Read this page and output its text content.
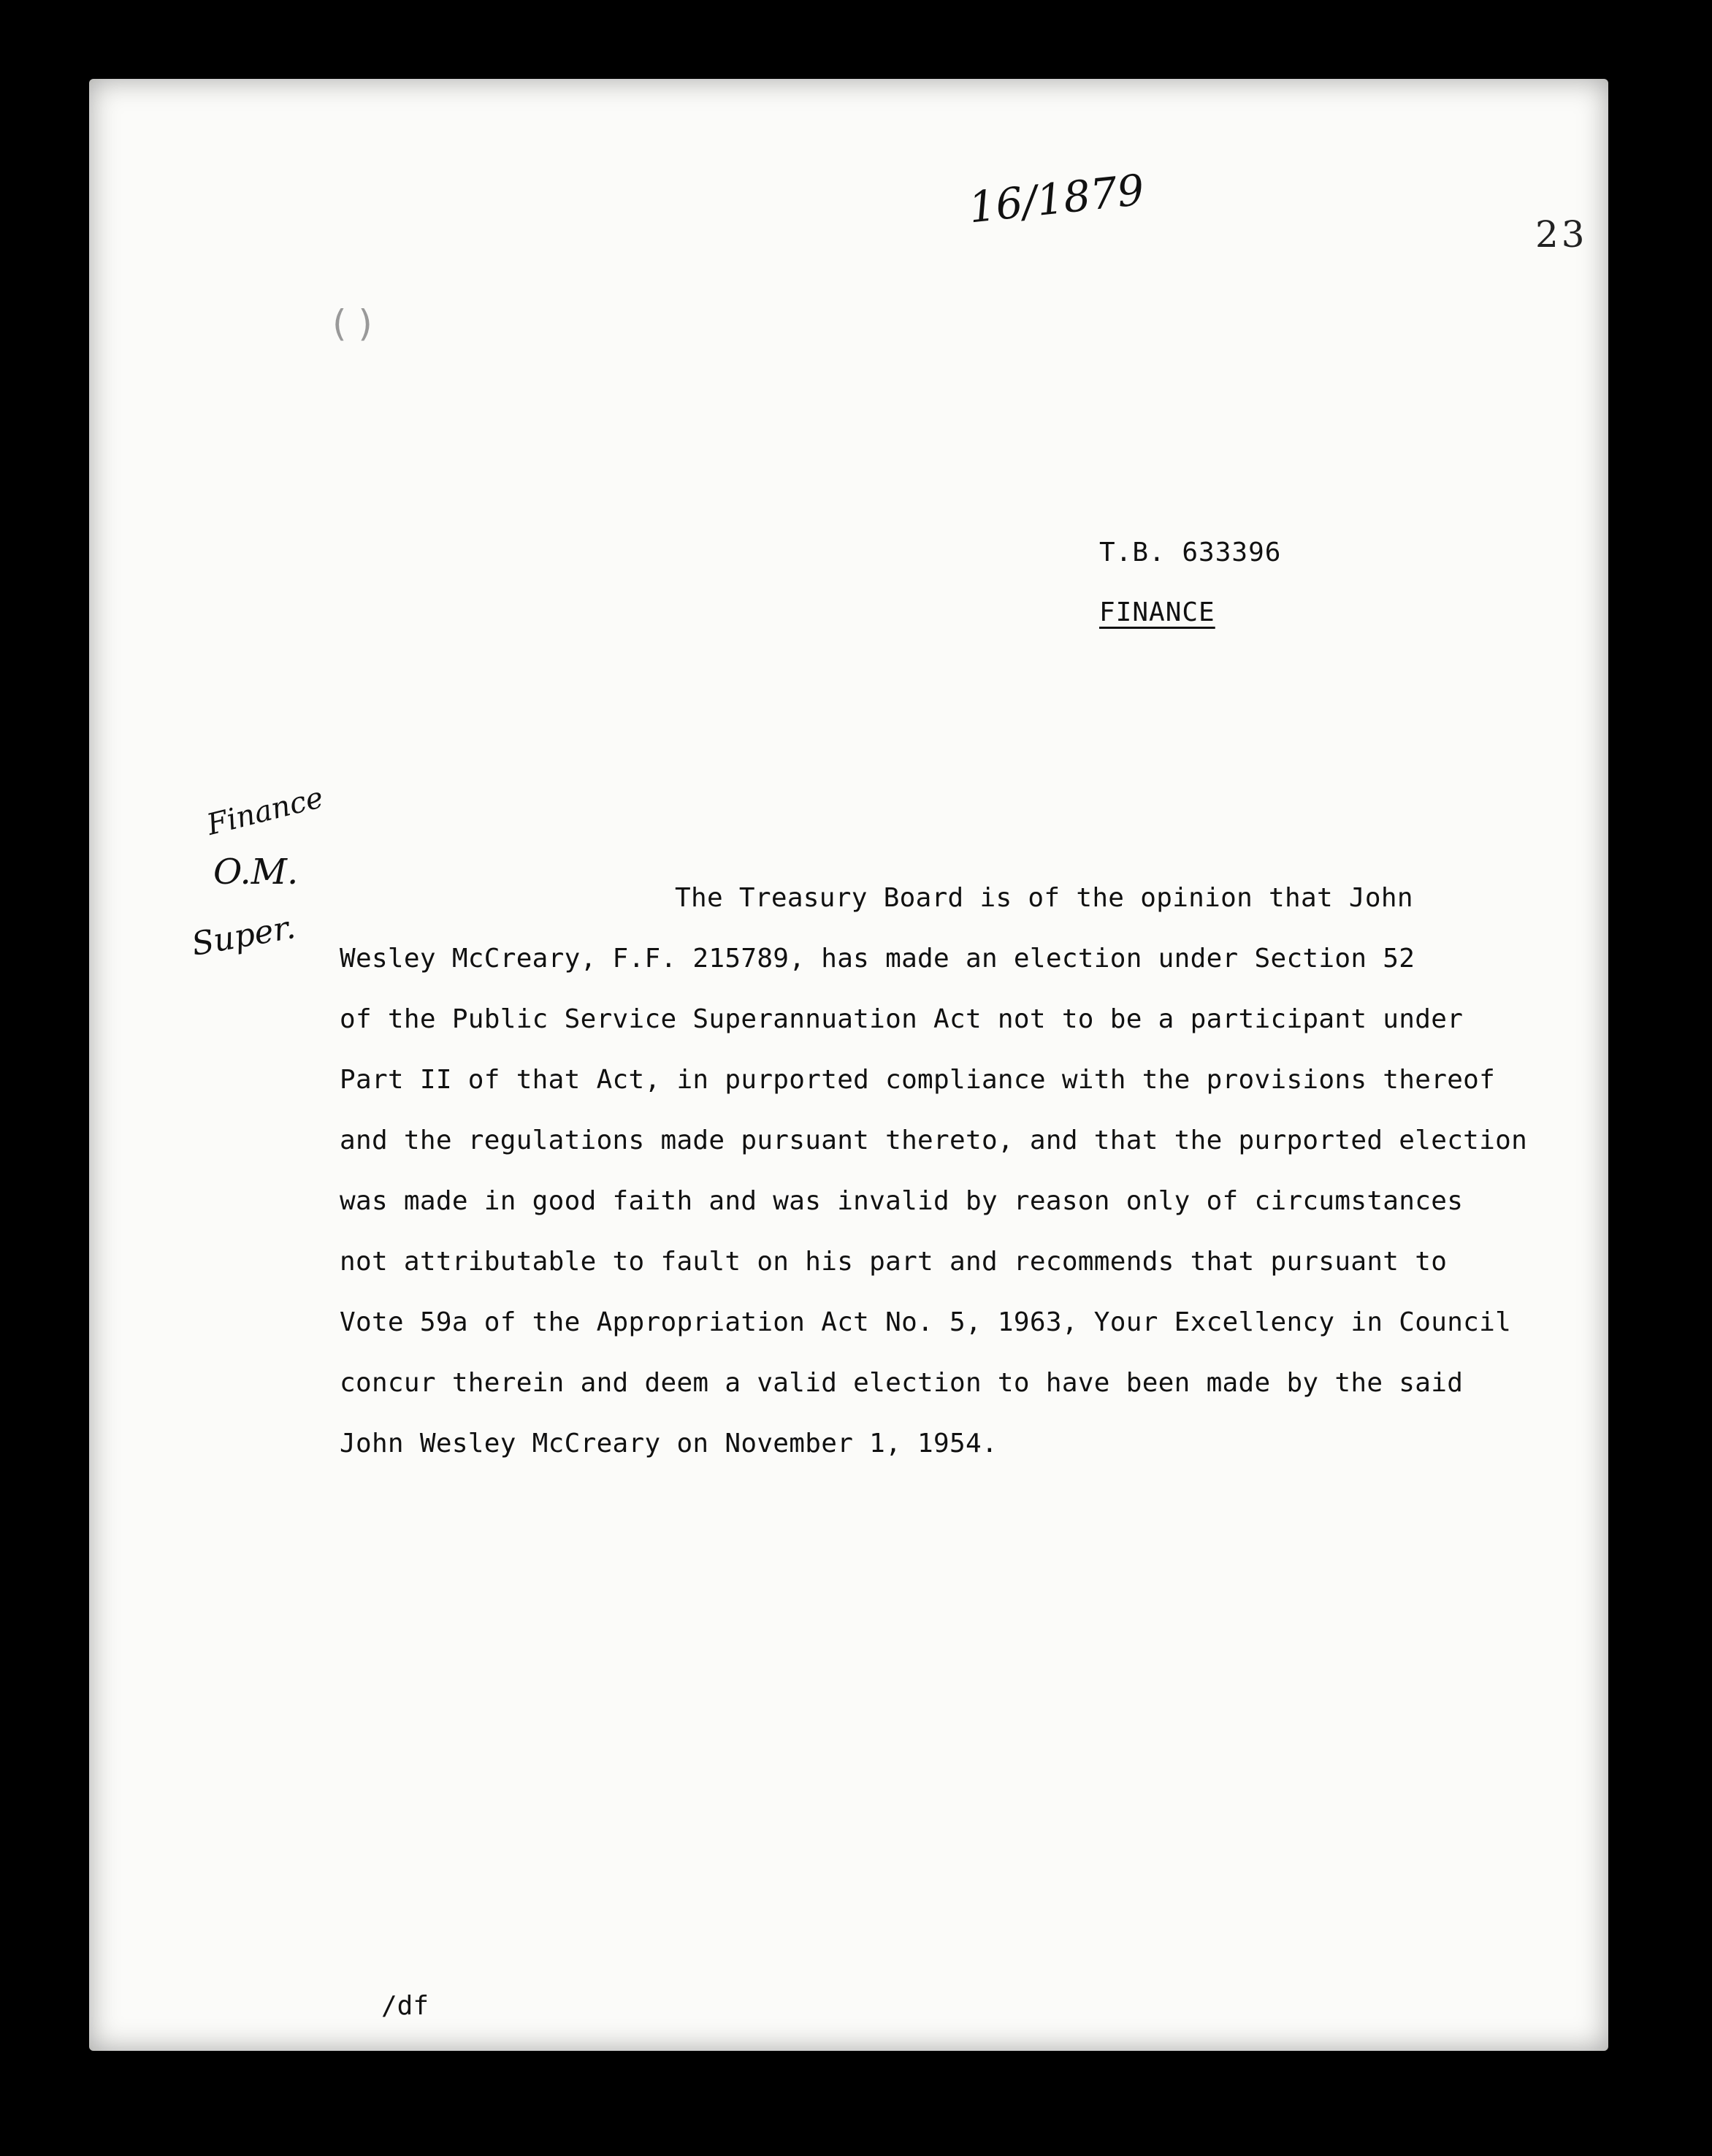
16/1879
23
( )
T.B. 633396
FINANCE
Finance
O.M.
Super.
The Treasury Board is of the opinion that John
Wesley McCreary, F.F. 215789, has made an election under Section 52
of the Public Service Superannuation Act not to be a participant under
Part II of that Act, in purported compliance with the provisions thereof
and the regulations made pursuant thereto, and that the purported election
was made in good faith and was invalid by reason only of circumstances
not attributable to fault on his part and recommends that pursuant to
Vote 59a of the Appropriation Act No. 5, 1963, Your Excellency in Council
concur therein and deem a valid election to have been made by the said
John Wesley McCreary on November 1, 1954.
/df
